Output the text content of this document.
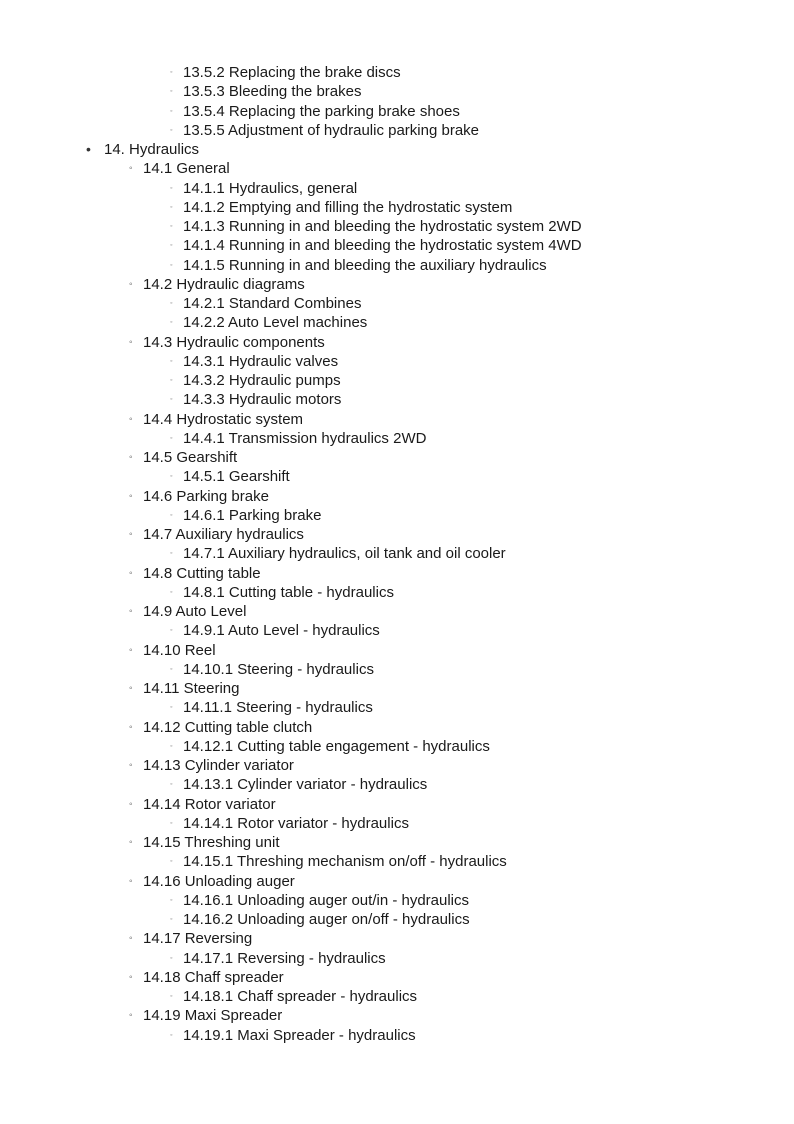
◦ 13.5.2 Replacing the brake discs
◦ 13.5.3 Bleeding the brakes
◦ 13.5.4 Replacing the parking brake shoes
◦ 13.5.5 Adjustment of hydraulic parking brake
• 14. Hydraulics
◦ 14.1 General
◦ 14.1.1 Hydraulics, general
◦ 14.1.2 Emptying and filling the hydrostatic system
◦ 14.1.3 Running in and bleeding the hydrostatic system 2WD
◦ 14.1.4 Running in and bleeding the hydrostatic system 4WD
◦ 14.1.5 Running in and bleeding the auxiliary hydraulics
◦ 14.2 Hydraulic diagrams
◦ 14.2.1 Standard Combines
◦ 14.2.2 Auto Level machines
◦ 14.3 Hydraulic components
◦ 14.3.1 Hydraulic valves
◦ 14.3.2 Hydraulic pumps
◦ 14.3.3 Hydraulic motors
◦ 14.4 Hydrostatic system
◦ 14.4.1 Transmission hydraulics 2WD
◦ 14.5 Gearshift
◦ 14.5.1 Gearshift
◦ 14.6 Parking brake
◦ 14.6.1 Parking brake
◦ 14.7 Auxiliary hydraulics
◦ 14.7.1 Auxiliary hydraulics, oil tank and oil cooler
◦ 14.8 Cutting table
◦ 14.8.1 Cutting table - hydraulics
◦ 14.9 Auto Level
◦ 14.9.1 Auto Level - hydraulics
◦ 14.10 Reel
◦ 14.10.1 Steering - hydraulics
◦ 14.11 Steering
◦ 14.11.1 Steering - hydraulics
◦ 14.12 Cutting table clutch
◦ 14.12.1 Cutting table engagement - hydraulics
◦ 14.13 Cylinder variator
◦ 14.13.1 Cylinder variator - hydraulics
◦ 14.14 Rotor variator
◦ 14.14.1 Rotor variator - hydraulics
◦ 14.15 Threshing unit
◦ 14.15.1 Threshing mechanism on/off - hydraulics
◦ 14.16 Unloading auger
◦ 14.16.1 Unloading auger out/in - hydraulics
◦ 14.16.2 Unloading auger on/off - hydraulics
◦ 14.17 Reversing
◦ 14.17.1 Reversing - hydraulics
◦ 14.18 Chaff spreader
◦ 14.18.1 Chaff spreader - hydraulics
◦ 14.19 Maxi Spreader
◦ 14.19.1 Maxi Spreader - hydraulics
